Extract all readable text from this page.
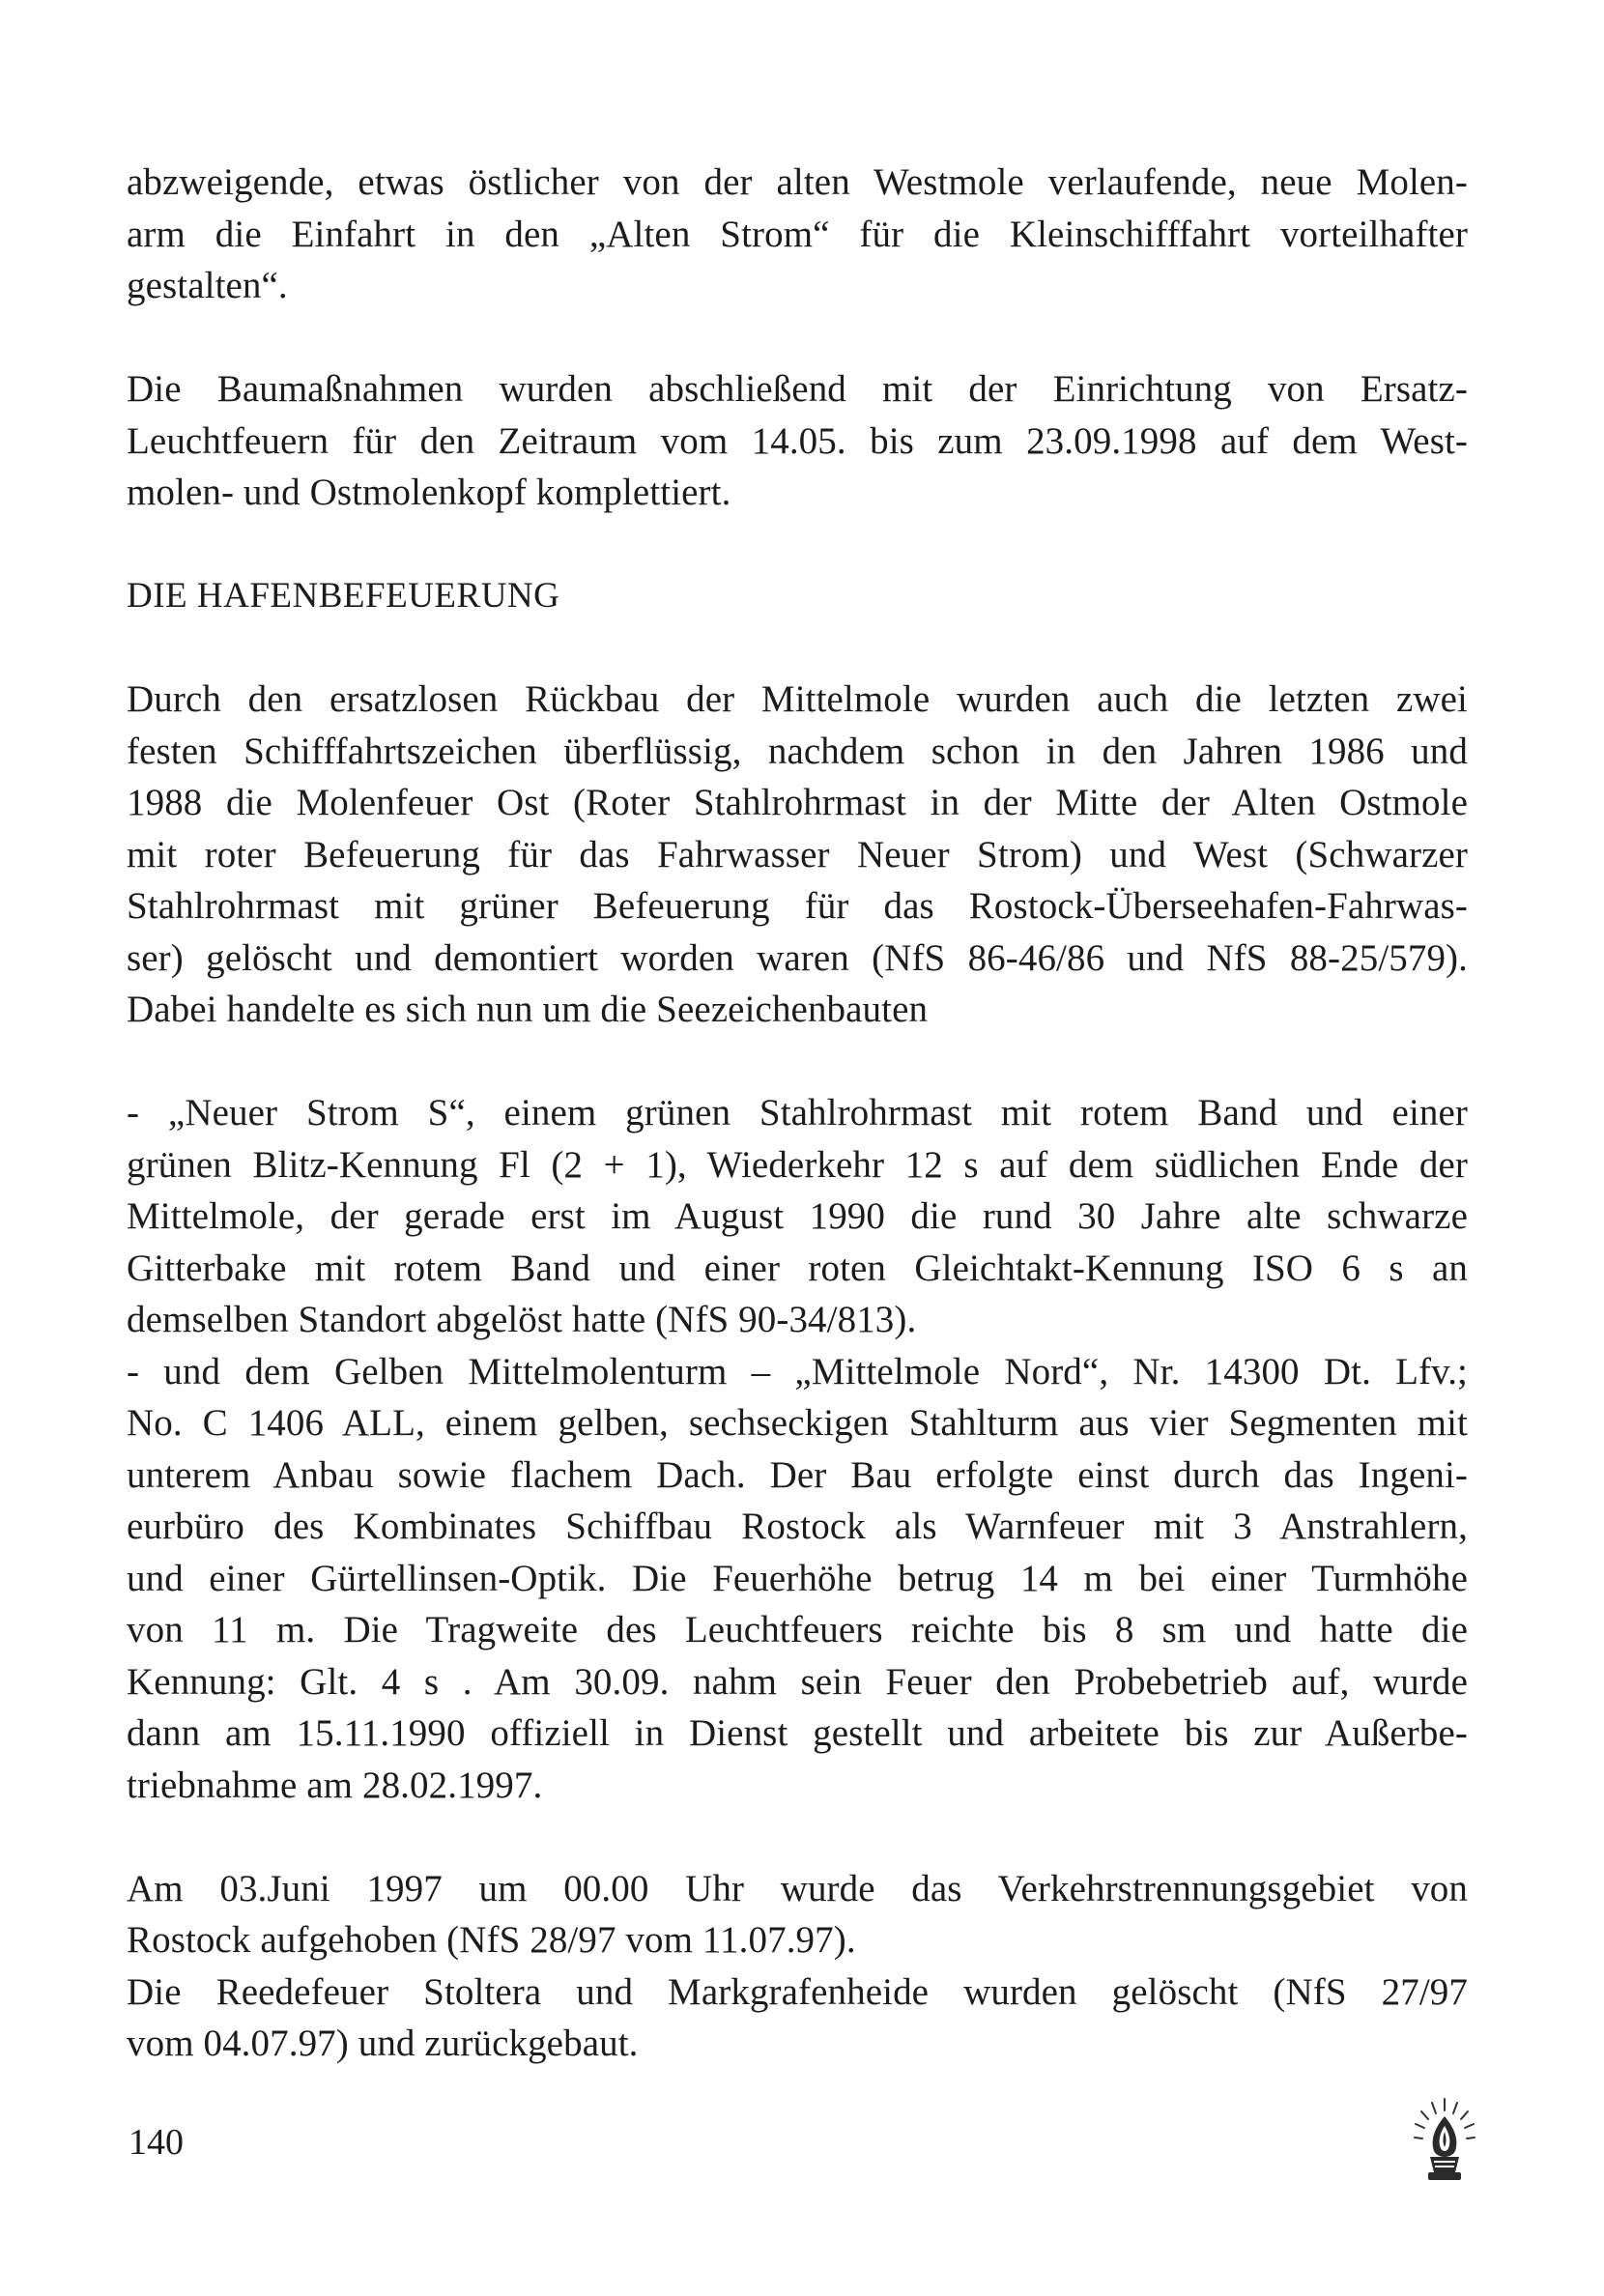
abzweigende, etwas östlicher von der alten Westmole verlaufende, neue Molen-
arm die Einfahrt in den „Alten Strom“ für die Kleinschifffahrt vorteilhafter
gestalten“.

Die Baumaßnahmen wurden abschließend mit der Einrichtung von Ersatz-
Leuchtfeuern für den Zeitraum vom 14.05. bis zum 23.09.1998 auf dem West-
molen- und Ostmolenkopf komplettiert.

DIE HAFENBEFEUERUNG

Durch den ersatzlosen Rückbau der Mittelmole wurden auch die letzten zwei
festen Schifffahrtszeichen überflüssig, nachdem schon in den Jahren 1986 und
1988 die Molenfeuer Ost (Roter Stahlrohrmast in der Mitte der Alten Ostmole
mit roter Befeuerung für das Fahrwasser Neuer Strom) und West (Schwarzer
Stahlrohrmast mit grüner Befeuerung für das Rostock-Überseehafen-Fahrwas-
ser) gelöscht und demontiert worden waren (NfS 86-46/86 und NfS 88-25/579).
Dabei handelte es sich nun um die Seezeichenbauten

- „Neuer Strom S“, einem grünen Stahlrohrmast mit rotem Band und einer
grünen Blitz-Kennung Fl (2 + 1), Wiederkehr 12 s auf dem südlichen Ende der
Mittelmole, der gerade erst im August 1990 die rund 30 Jahre alte schwarze
Gitterbake mit rotem Band und einer roten Gleichtakt-Kennung ISO 6 s an
demselben Standort abgelöst hatte (NfS 90-34/813).
- und dem Gelben Mittelmolenturm – „Mittelmole Nord“, Nr. 14300 Dt. Lfv.;
No. C 1406 ALL, einem gelben, sechseckigen Stahlturm aus vier Segmenten mit
unterem Anbau sowie flachem Dach. Der Bau erfolgte einst durch das Ingeni-
eurbüro des Kombinates Schiffbau Rostock als Warnfeuer mit 3 Anstrahlern,
und einer Gürtellinsen-Optik. Die Feuerhöhe betrug 14 m bei einer Turmhöhe
von 11 m. Die Tragweite des Leuchtfeuers reichte bis 8 sm und hatte die
Kennung: Glt. 4 s . Am 30.09. nahm sein Feuer den Probebetrieb auf, wurde
dann am 15.11.1990 offiziell in Dienst gestellt und arbeitete bis zur Außerbe-
triebnahme am 28.02.1997.

Am 03.Juni 1997 um 00.00 Uhr wurde das Verkehrstrennungsgebiet von
Rostock aufgehoben (NfS 28/97 vom 11.07.97).
Die Reedefeuer Stoltera und Markgrafenheide wurden gelöscht (NfS 27/97
vom 04.07.97) und zurückgebaut.

140
